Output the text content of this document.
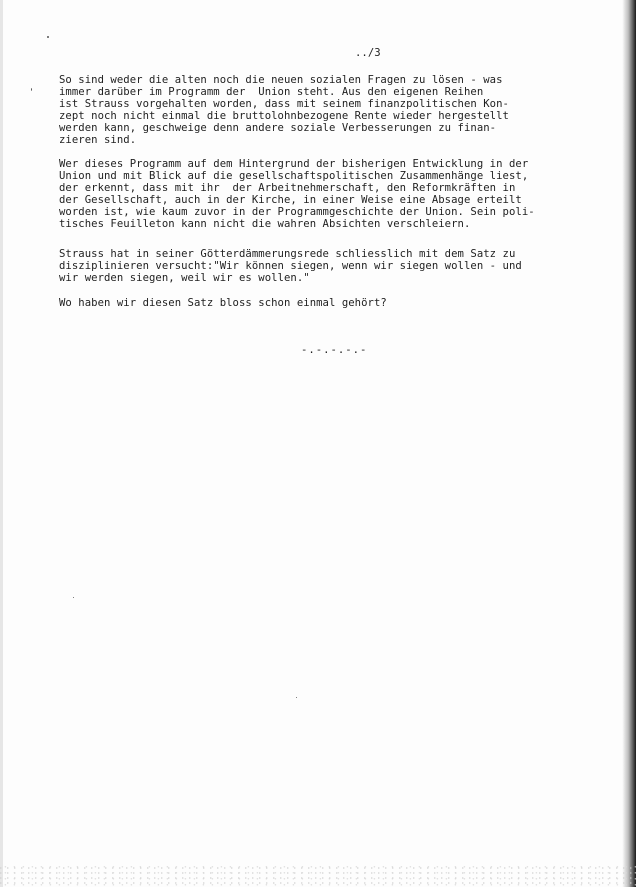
../3
So sind weder die alten noch die neuen sozialen Fragen zu lösen - was
immer darüber im Programm der  Union steht. Aus den eigenen Reihen
ist Strauss vorgehalten worden, dass mit seinem finanzpolitischen Kon-
zept noch nicht einmal die bruttolohnbezogene Rente wieder hergestellt
werden kann, geschweige denn andere soziale Verbesserungen zu finan-
zieren sind.
Wer dieses Programm auf dem Hintergrund der bisherigen Entwicklung in der
Union und mit Blick auf die gesellschaftspolitischen Zusammenhänge liest,
der erkennt, dass mit ihr  der Arbeitnehmerschaft, den Reformkräften in
der Gesellschaft, auch in der Kirche, in einer Weise eine Absage erteilt
worden ist, wie kaum zuvor in der Programmgeschichte der Union. Sein poli-
tisches Feuilleton kann nicht die wahren Absichten verschleiern.
Strauss hat in seiner Götterdämmerungsrede schliesslich mit dem Satz zu
disziplinieren versucht:"Wir können siegen, wenn wir siegen wollen - und
wir werden siegen, weil wir es wollen."
Wo haben wir diesen Satz bloss schon einmal gehört?
-.-.-.-.-
